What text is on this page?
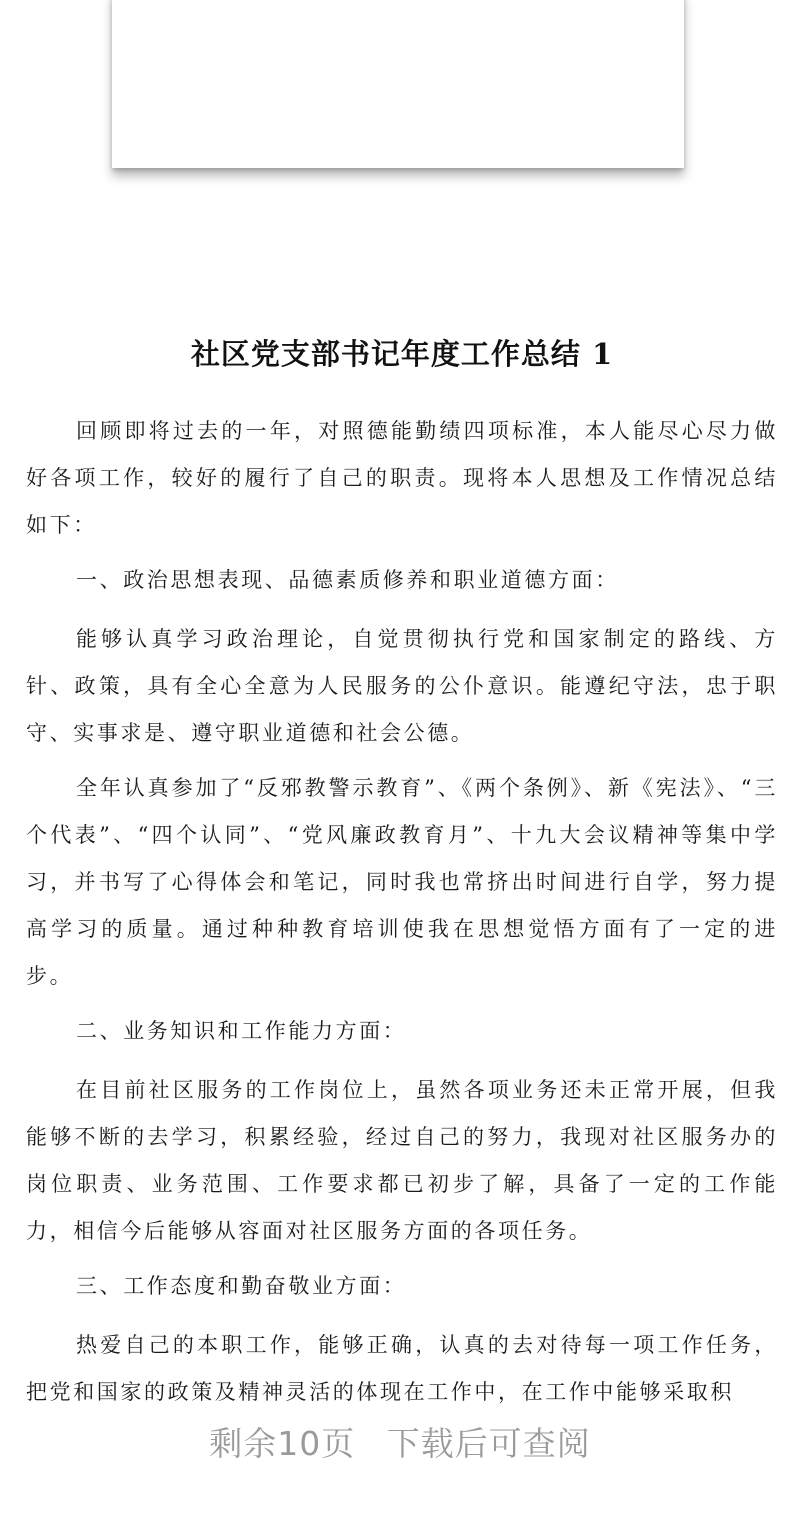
社区党支部书记年度工作总结 1

回顾即将过去的一年，对照德能勤绩四项标准，本人能尽心尽力做好各项工作，较好的履行了自己的职责。现将本人思想及工作情况总结如下：

一、政治思想表现、品德素质修养和职业道德方面：

能够认真学习政治理论，自觉贯彻执行党和国家制定的路线、方针、政策，具有全心全意为人民服务的公仆意识。能遵纪守法，忠于职守、实事求是、遵守职业道德和社会公德。

全年认真参加了“反邪教警示教育”、《两个条例》、新《宪法》、“三个代表”、“四个认同”、“党风廉政教育月”、十九大会议精神等集中学习，并书写了心得体会和笔记，同时我也常挤出时间进行自学，努力提高学习的质量。通过种种教育培训使我在思想觉悟方面有了一定的进步。

二、业务知识和工作能力方面：

在目前社区服务的工作岗位上，虽然各项业务还未正常开展，但我能够不断的去学习，积累经验，经过自己的努力，我现对社区服务办的岗位职责、业务范围、工作要求都已初步了解，具备了一定的工作能力，相信今后能够从容面对社区服务方面的各项任务。

三、工作态度和勤奋敬业方面：

热爱自己的本职工作，能够正确，认真的去对待每一项工作任务，把党和国家的政策及精神灵活的体现在工作中，在工作中能够采取积

剩余10页 下载后可查阅
